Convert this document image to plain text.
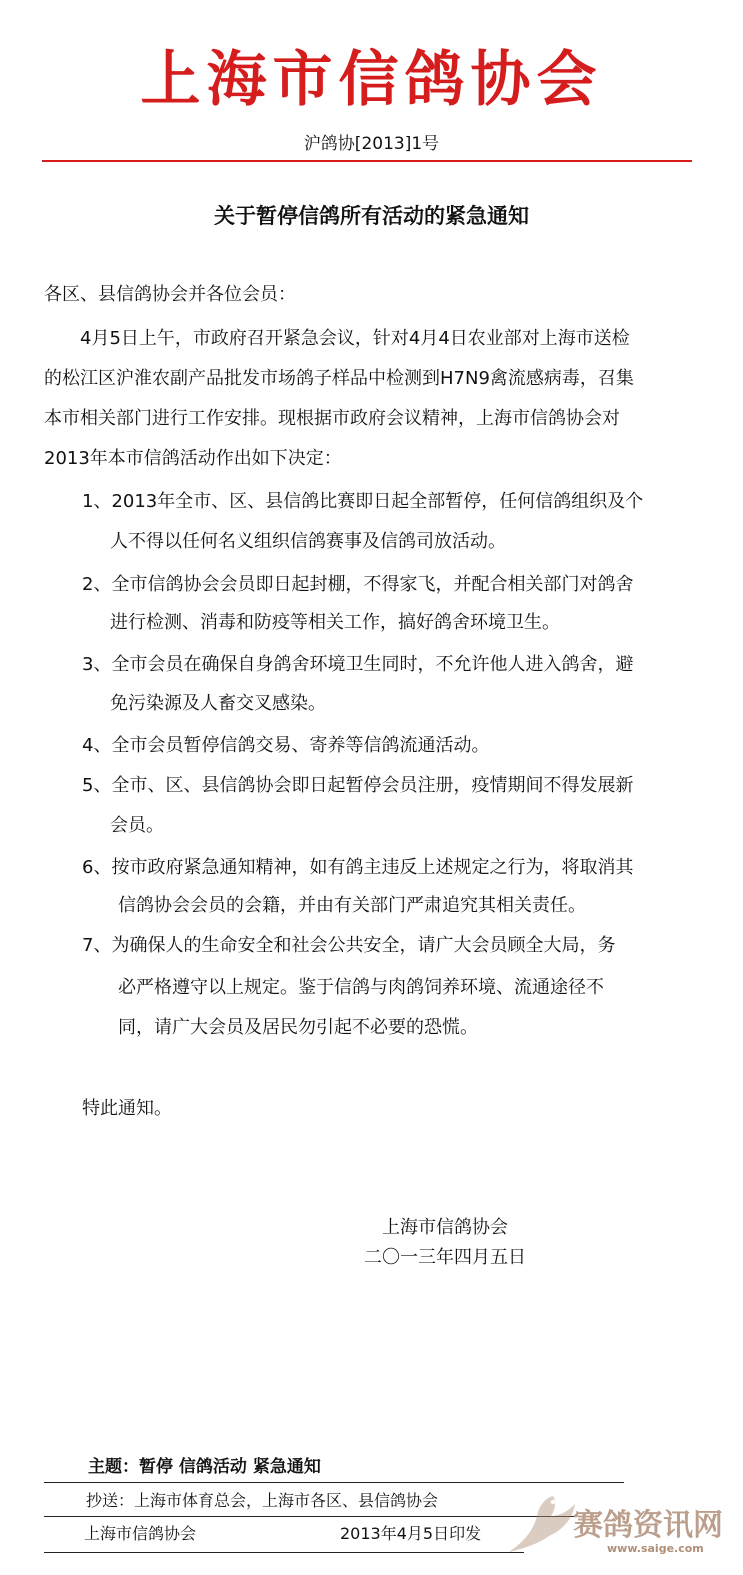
上海市信鸽协会
沪鸽协[2013]1号
关于暂停信鸽所有活动的紧急通知
各区、县信鸽协会并各位会员：
4月5日上午，市政府召开紧急会议，针对4月4日农业部对上海市送检
的松江区沪淮农副产品批发市场鸽子样品中检测到H7N9禽流感病毒，召集
本市相关部门进行工作安排。现根据市政府会议精神，上海市信鸽协会对
2013年本市信鸽活动作出如下决定：
1、2013年全市、区、县信鸽比赛即日起全部暂停，任何信鸽组织及个
人不得以任何名义组织信鸽赛事及信鸽司放活动。
2、全市信鸽协会会员即日起封棚，不得家飞，并配合相关部门对鸽舍
进行检测、消毒和防疫等相关工作，搞好鸽舍环境卫生。
3、全市会员在确保自身鸽舍环境卫生同时，不允许他人进入鸽舍，避
免污染源及人畜交叉感染。
4、全市会员暂停信鸽交易、寄养等信鸽流通活动。
5、全市、区、县信鸽协会即日起暂停会员注册，疫情期间不得发展新
会员。
6、按市政府紧急通知精神，如有鸽主违反上述规定之行为，将取消其
信鸽协会会员的会籍，并由有关部门严肃追究其相关责任。
7、为确保人的生命安全和社会公共安全，请广大会员顾全大局，务
必严格遵守以上规定。鉴于信鸽与肉鸽饲养环境、流通途径不
同，请广大会员及居民勿引起不必要的恐慌。
特此通知。
上海市信鸽协会
二〇一三年四月五日
主题：暂停 信鸽活动 紧急通知
抄送：上海市体育总会，上海市各区、县信鸽协会
上海市信鸽协会	2013年4月5日印发	赛鸽资讯网
www.saige.com
